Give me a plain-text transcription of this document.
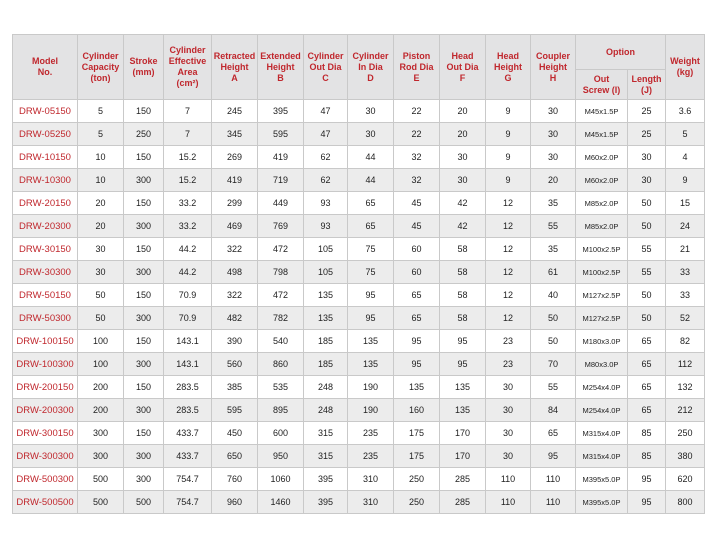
Model
No.	Cylinder
Capacity
(ton)	Stroke
(mm)	Cylinder
Effective
Area
(cm²)	Retracted
Height
A	Extended
Height
B	Cylinder
Out Dia
C	Cylinder
In Dia
D	Piston
Rod Dia
E	Head
Out Dia
F	Head
Height
G	Coupler
Height
H	Option		Weight
(kg)

												Out
Screw (I)	Length
(J)	

DRW-05150	5	150	7	245	395	47	30	22	20	9	30	M45x1.5P	25	3.6
DRW-05250	5	250	7	345	595	47	30	22	20	9	30	M45x1.5P	25	5
DRW-10150	10	150	15.2	269	419	62	44	32	30	9	30	M60x2.0P	30	4
DRW-10300	10	300	15.2	419	719	62	44	32	30	9	20	M60x2.0P	30	9
DRW-20150	20	150	33.2	299	449	93	65	45	42	12	35	M85x2.0P	50	15
DRW-20300	20	300	33.2	469	769	93	65	45	42	12	55	M85x2.0P	50	24
DRW-30150	30	150	44.2	322	472	105	75	60	58	12	35	M100x2.5P	55	21
DRW-30300	30	300	44.2	498	798	105	75	60	58	12	61	M100x2.5P	55	33
DRW-50150	50	150	70.9	322	472	135	95	65	58	12	40	M127x2.5P	50	33
DRW-50300	50	300	70.9	482	782	135	95	65	58	12	50	M127x2.5P	50	52
DRW-100150	100	150	143.1	390	540	185	135	95	95	23	50	M180x3.0P	65	82
DRW-100300	100	300	143.1	560	860	185	135	95	95	23	70	M80x3.0P	65	112
DRW-200150	200	150	283.5	385	535	248	190	135	135	30	55	M254x4.0P	65	132
DRW-200300	200	300	283.5	595	895	248	190	160	135	30	84	M254x4.0P	65	212
DRW-300150	300	150	433.7	450	600	315	235	175	170	30	65	M315x4.0P	85	250
DRW-300300	300	300	433.7	650	950	315	235	175	170	30	95	M315x4.0P	85	380
DRW-500300	500	300	754.7	760	1060	395	310	250	285	110	110	M395x5.0P	95	620
DRW-500500	500	500	754.7	960	1460	395	310	250	285	110	110	M395x5.0P	95	800
